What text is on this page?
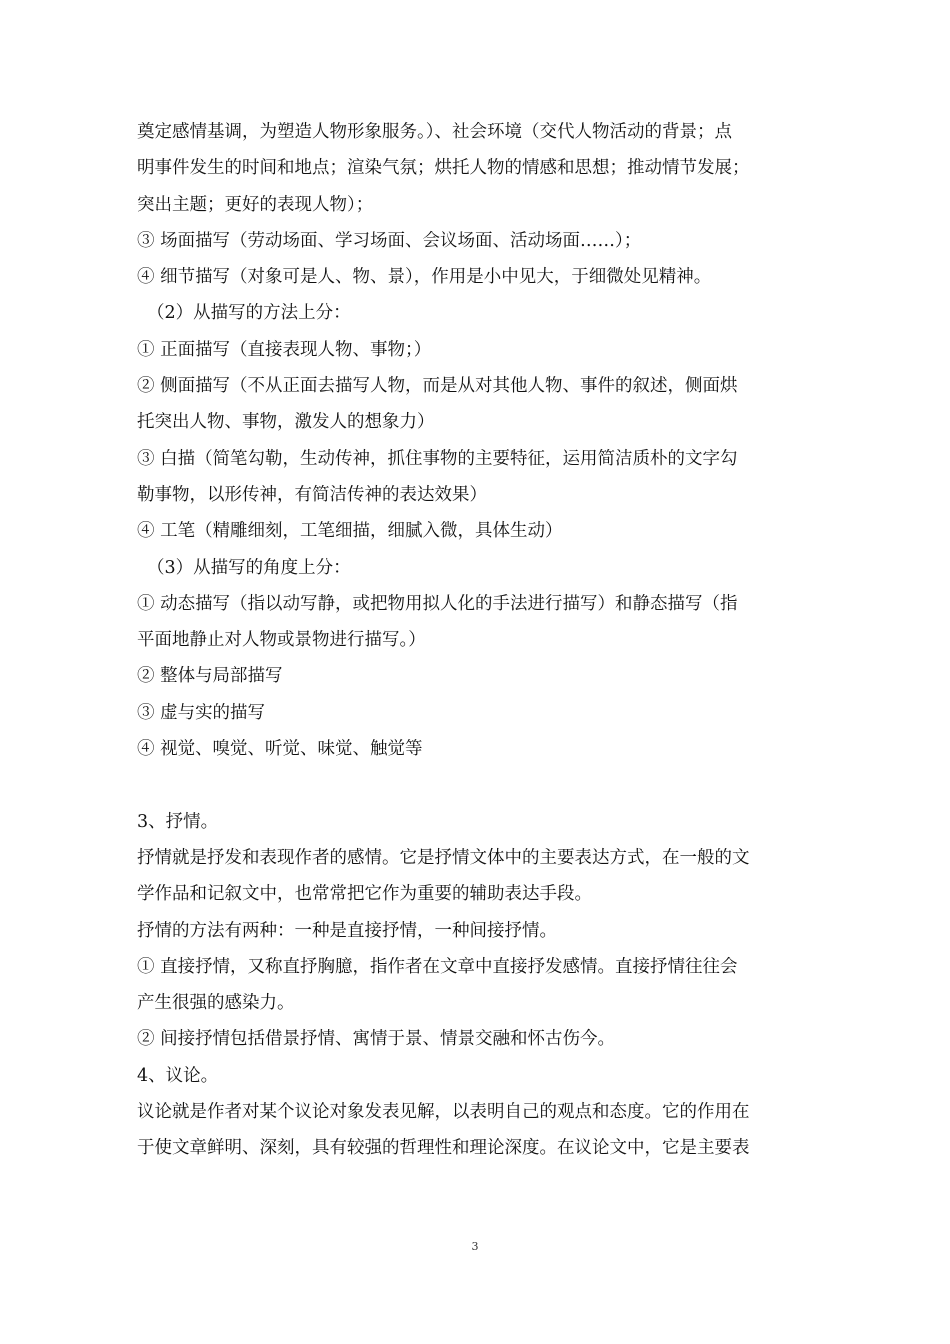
奠定感情基调，为塑造人物形象服务。）、社会环境（交代人物活动的背景；点
明事件发生的时间和地点；渲染气氛；烘托人物的情感和思想；推动情节发展；
突出主题；更好的表现人物）；
③ 场面描写（劳动场面、学习场面、会议场面、活动场面……）；
④ 细节描写（对象可是人、物、景），作用是小中见大，于细微处见精神。
（2）从描写的方法上分：
① 正面描写（直接表现人物、事物；）
② 侧面描写（不从正面去描写人物，而是从对其他人物、事件的叙述，侧面烘
托突出人物、事物，激发人的想象力）
③ 白描（简笔勾勒，生动传神，抓住事物的主要特征，运用简洁质朴的文字勾
勒事物，以形传神，有简洁传神的表达效果）
④ 工笔（精雕细刻，工笔细描，细腻入微，具体生动）
（3）从描写的角度上分：
① 动态描写（指以动写静，或把物用拟人化的手法进行描写）和静态描写（指
平面地静止对人物或景物进行描写。）
② 整体与局部描写
③ 虚与实的描写
④ 视觉、嗅觉、听觉、味觉、触觉等
3、抒情。
抒情就是抒发和表现作者的感情。它是抒情文体中的主要表达方式，在一般的文
学作品和记叙文中，也常常把它作为重要的辅助表达手段。
抒情的方法有两种：一种是直接抒情，一种间接抒情。
① 直接抒情，又称直抒胸臆，指作者在文章中直接抒发感情。直接抒情往往会
产生很强的感染力。
② 间接抒情包括借景抒情、寓情于景、情景交融和怀古伤今。
4、议论。
议论就是作者对某个议论对象发表见解，以表明自己的观点和态度。它的作用在
于使文章鲜明、深刻，具有较强的哲理性和理论深度。在议论文中，它是主要表
3
